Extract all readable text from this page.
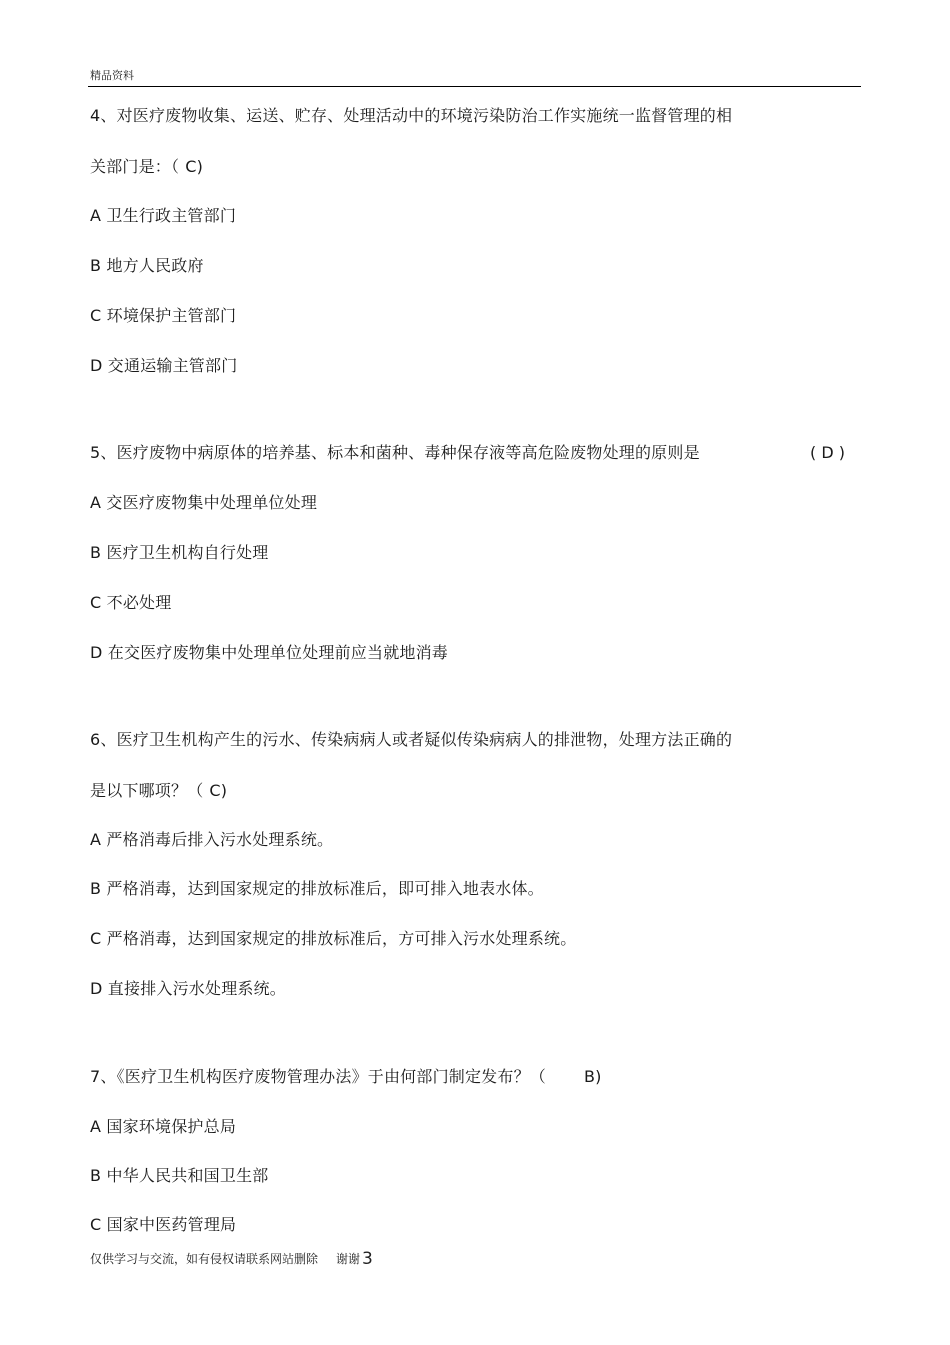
精品资料
4、对医疗废物收集、运送、贮存、处理活动中的环境污染防治工作实施统一监督管理的相
关部门是：（ C)
A 卫生行政主管部门
B 地方人民政府
C 环境保护主管部门
D 交通运输主管部门
5、医疗废物中病原体的培养基、标本和菌种、毒种保存液等高危险废物处理的原则是	( D )
A 交医疗废物集中处理单位处理
B 医疗卫生机构自行处理
C 不必处理
D 在交医疗废物集中处理单位处理前应当就地消毒
6、医疗卫生机构产生的污水、传染病病人或者疑似传染病病人的排泄物，处理方法正确的
是以下哪项？（ C)
A 严格消毒后排入污水处理系统。
B 严格消毒，达到国家规定的排放标准后，即可排入地表水体。
C 严格消毒，达到国家规定的排放标准后，方可排入污水处理系统。
D 直接排入污水处理系统。
7、《医疗卫生机构医疗废物管理办法》于由何部门制定发布？（ B)
A 国家环境保护总局
B 中华人民共和国卫生部
C 国家中医药管理局
仅供学习与交流，如有侵权请联系网站删除 谢谢 3
